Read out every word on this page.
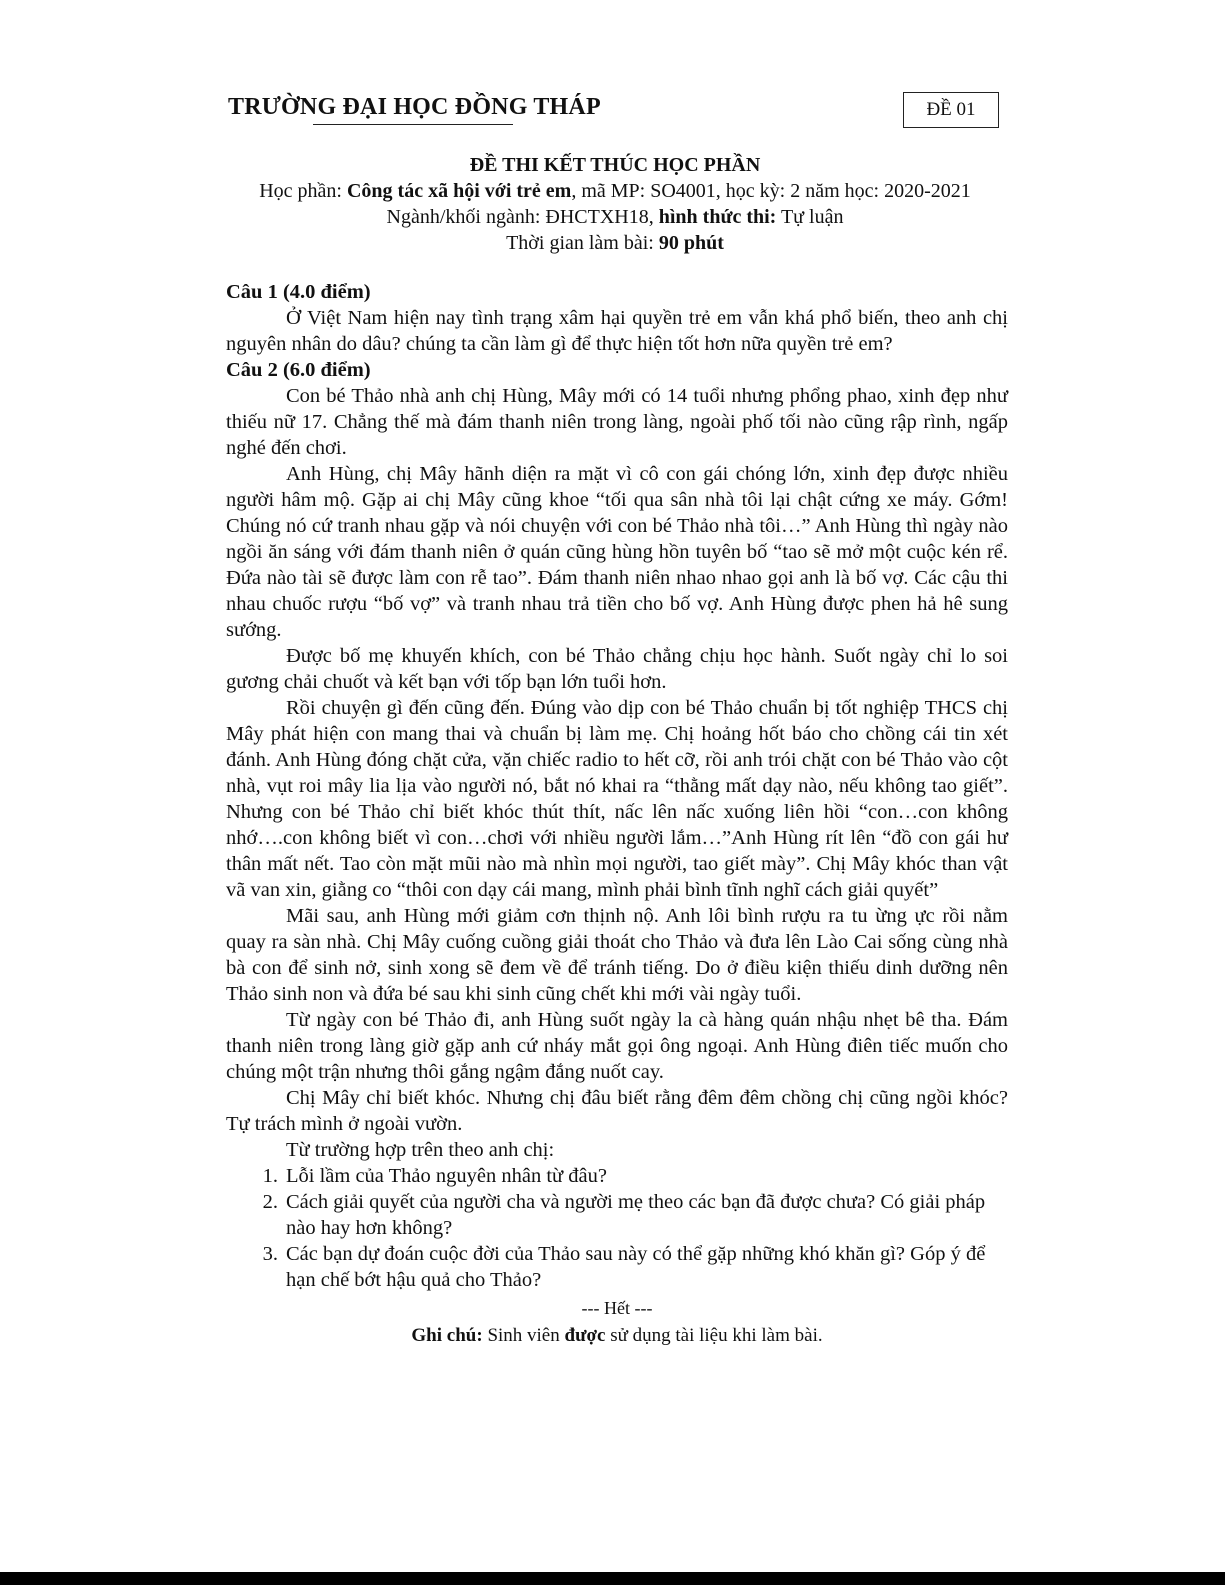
TRƯỜNG ĐẠI HỌC ĐỒNG THÁP	ĐỀ 01
ĐỀ THI KẾT THÚC HỌC PHẦN
Học phần: Công tác xã hội với trẻ em, mã MP: SO4001, học kỳ: 2 năm học: 2020-2021
Ngành/khối ngành: ĐHCTXH18, hình thức thi: Tự luận
Thời gian làm bài: 90 phút

Câu 1 (4.0 điểm)

Ở Việt Nam hiện nay tình trạng xâm hại quyền trẻ em vẫn khá phổ biến, theo anh chị nguyên nhân do dâu? chúng ta cần làm gì để thực hiện tốt hơn nữa quyền trẻ em?

Câu 2 (6.0 điểm)

Con bé Thảo nhà anh chị Hùng, Mây mới có 14 tuổi nhưng phổng phao, xinh đẹp như thiếu nữ 17. Chẳng thế mà đám thanh niên trong làng, ngoài phố tối nào cũng rập rình, ngấp nghé đến chơi.

Anh Hùng, chị Mây hãnh diện ra mặt vì cô con gái chóng lớn, xinh đẹp được nhiều người hâm mộ. Gặp ai chị Mây cũng khoe “tối qua sân nhà tôi lại chật cứng xe máy. Gớm! Chúng nó cứ tranh nhau gặp và nói chuyện với con bé Thảo nhà tôi…” Anh Hùng thì ngày nào ngồi ăn sáng với đám thanh niên ở quán cũng hùng hồn tuyên bố “tao sẽ mở một cuộc kén rể. Đứa nào tài sẽ được làm con rễ tao”. Đám thanh niên nhao nhao gọi anh là bố vợ. Các cậu thi nhau chuốc rượu “bố vợ” và tranh nhau trả tiền cho bố vợ. Anh Hùng được phen hả hê sung sướng.

Được bố mẹ khuyến khích, con bé Thảo chẳng chịu học hành. Suốt ngày chỉ lo soi gương chải chuốt và kết bạn với tốp bạn lớn tuổi hơn.

Rồi chuyện gì đến cũng đến. Đúng vào dịp con bé Thảo chuẩn bị tốt nghiệp THCS chị Mây phát hiện con mang thai và chuẩn bị làm mẹ. Chị hoảng hốt báo cho chồng cái tin xét đánh. Anh Hùng đóng chặt cửa, vặn chiếc radio to hết cỡ, rồi anh trói chặt con bé Thảo vào cột nhà, vụt roi mây lia lịa vào người nó, bắt nó khai ra “thằng mất dạy nào, nếu không tao giết”. Nhưng con bé Thảo chỉ biết khóc thút thít, nấc lên nấc xuống liên hồi “con…con không nhớ….con không biết vì con…chơi với nhiều người lắm…”Anh Hùng rít lên “đồ con gái hư thân mất nết. Tao còn mặt mũi nào mà nhìn mọi người, tao giết mày”. Chị Mây khóc than vật vã van xin, giằng co “thôi con dạy cái mang, mình phải bình tĩnh nghĩ cách giải quyết”

Mãi sau, anh Hùng mới giảm cơn thịnh nộ. Anh lôi bình rượu ra tu ừng ực rồi nằm quay ra sàn nhà. Chị Mây cuống cuồng giải thoát cho Thảo và đưa lên Lào Cai sống cùng nhà bà con để sinh nở, sinh xong sẽ đem về để tránh tiếng. Do ở điều kiện thiếu dinh dưỡng nên Thảo sinh non và đứa bé sau khi sinh cũng chết khi mới vài ngày tuổi.

Từ ngày con bé Thảo đi, anh Hùng suốt ngày la cà hàng quán nhậu nhẹt bê tha. Đám thanh niên trong làng giờ gặp anh cứ nháy mắt gọi ông ngoại. Anh Hùng điên tiếc muốn cho chúng một trận nhưng thôi gắng ngậm đắng nuốt cay.

Chị Mây chỉ biết khóc. Nhưng chị đâu biết rằng đêm đêm chồng chị cũng ngồi khóc? Tự trách mình ở ngoài vườn.

Từ trường hợp trên theo anh chị:

1. Lỗi lầm của Thảo nguyên nhân từ đâu?
2. Cách giải quyết của người cha và người mẹ theo các bạn đã được chưa? Có giải pháp nào hay hơn không?
3. Các bạn dự đoán cuộc đời của Thảo sau này có thể gặp những khó khăn gì? Góp ý để hạn chế bớt hậu quả cho Thảo?

--- Hết ---

Ghi chú: Sinh viên được sử dụng tài liệu khi làm bài.
